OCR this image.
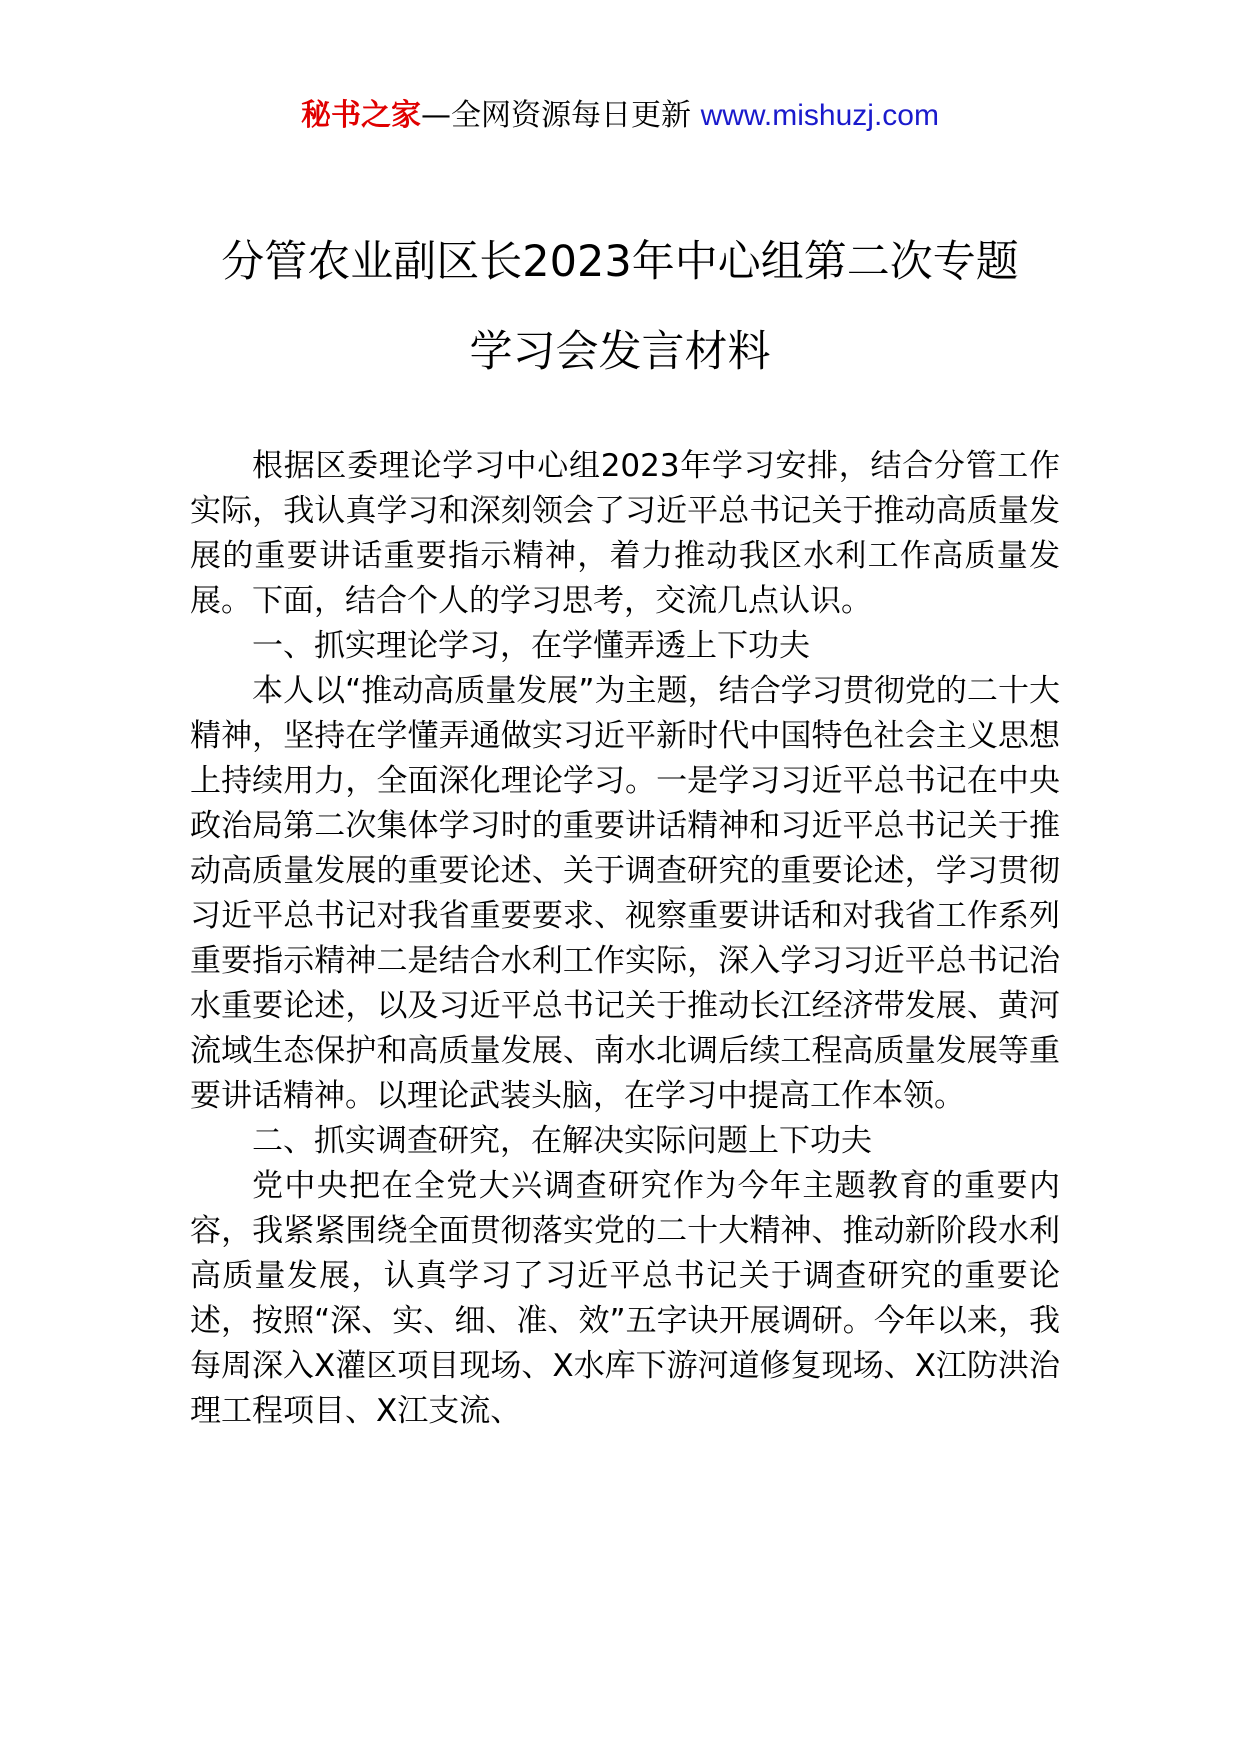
秘书之家—全网资源每日更新 www.mishuzj.com
分管农业副区长2023年中心组第二次专题
学习会发言材料

根据区委理论学习中心组2023年学习安排，结合分管工作实际，我认真学习和深刻领会了习近平总书记关于推动高质量发展的重要讲话重要指示精神，着力推动我区水利工作高质量发展。下面，结合个人的学习思考，交流几点认识。

一、抓实理论学习，在学懂弄透上下功夫

本人以“推动高质量发展”为主题，结合学习贯彻党的二十大精神，坚持在学懂弄通做实习近平新时代中国特色社会主义思想上持续用力，全面深化理论学习。一是学习习近平总书记在中央政治局第二次集体学习时的重要讲话精神和习近平总书记关于推动高质量发展的重要论述、关于调查研究的重要论述，学习贯彻习近平总书记对我省重要要求、视察重要讲话和对我省工作系列重要指示精神二是结合水利工作实际，深入学习习近平总书记治水重要论述，以及习近平总书记关于推动长江经济带发展、黄河流域生态保护和高质量发展、南水北调后续工程高质量发展等重要讲话精神。以理论武装头脑，在学习中提高工作本领。

二、抓实调查研究，在解决实际问题上下功夫

党中央把在全党大兴调查研究作为今年主题教育的重要内容，我紧紧围绕全面贯彻落实党的二十大精神、推动新阶段水利高质量发展，认真学习了习近平总书记关于调查研究的重要论述，按照“深、实、细、准、效”五字诀开展调研。今年以来，我每周深入X灌区项目现场、X水库下游河道修复现场、X江防洪治理工程项目、X江支流、
